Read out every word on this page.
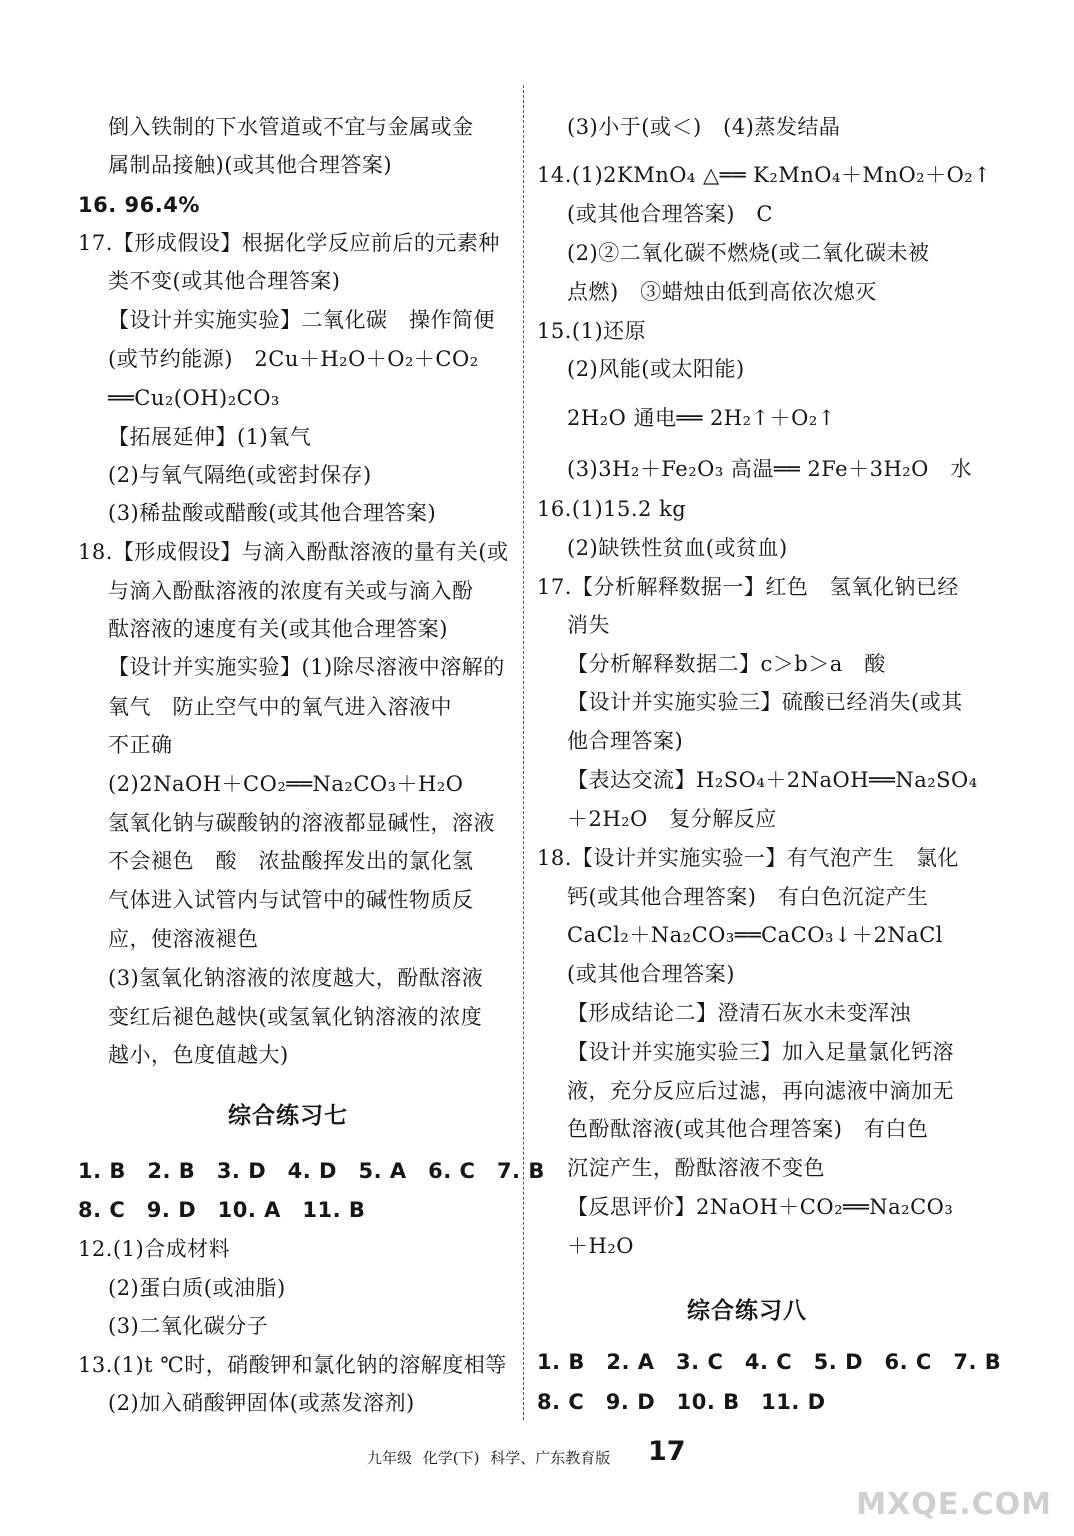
倒入铁制的下水管道或不宜与金属或金
属制品接触)(或其他合理答案)
16. 96.4%
17.【形成假设】根据化学反应前后的元素种
类不变(或其他合理答案)
【设计并实施实验】二氧化碳　操作简便
(或节约能源)　2Cu＋H₂O＋O₂＋CO₂
══Cu₂(OH)₂CO₃
【拓展延伸】(1)氧气
(2)与氧气隔绝(或密封保存)
(3)稀盐酸或醋酸(或其他合理答案)
18.【形成假设】与滴入酚酞溶液的量有关(或
与滴入酚酞溶液的浓度有关或与滴入酚
酞溶液的速度有关(或其他合理答案)
【设计并实施实验】(1)除尽溶液中溶解的
氧气　防止空气中的氧气进入溶液中
不正确
(2)2NaOH＋CO₂══Na₂CO₃＋H₂O
氢氧化钠与碳酸钠的溶液都显碱性，溶液
不会褪色　酸　浓盐酸挥发出的氯化氢
气体进入试管内与试管中的碱性物质反
应，使溶液褪色
(3)氢氧化钠溶液的浓度越大，酚酞溶液
变红后褪色越快(或氢氧化钠溶液的浓度
越小，色度值越大)
综合练习七
1. B　2. B　3. D　4. D　5. A　6. C　7. B
8. C　9. D　10. A　11. B
12.(1)合成材料
(2)蛋白质(或油脂)
(3)二氧化碳分子
13.(1)t ℃时，硝酸钾和氯化钠的溶解度相等
(2)加入硝酸钾固体(或蒸发溶剂)
(3)小于(或＜)　(4)蒸发结晶
14.(1)2KMnO₄ △══ K₂MnO₄＋MnO₂＋O₂↑
(或其他合理答案)　C
(2)②二氧化碳不燃烧(或二氧化碳未被
点燃)　③蜡烛由低到高依次熄灭
15.(1)还原
(2)风能(或太阳能)
2H₂O 通电══ 2H₂↑＋O₂↑
(3)3H₂＋Fe₂O₃ 高温══ 2Fe＋3H₂O　水
16.(1)15.2 kg
(2)缺铁性贫血(或贫血)
17.【分析解释数据一】红色　氢氧化钠已经
消失
【分析解释数据二】c＞b＞a　酸
【设计并实施实验三】硫酸已经消失(或其
他合理答案)
【表达交流】H₂SO₄＋2NaOH══Na₂SO₄
＋2H₂O　复分解反应
18.【设计并实施实验一】有气泡产生　氯化
钙(或其他合理答案)　有白色沉淀产生
CaCl₂＋Na₂CO₃══CaCO₃↓＋2NaCl
(或其他合理答案)
【形成结论二】澄清石灰水未变浑浊
【设计并实施实验三】加入足量氯化钙溶
液，充分反应后过滤，再向滤液中滴加无
色酚酞溶液(或其他合理答案)　有白色
沉淀产生，酚酞溶液不变色
【反思评价】2NaOH＋CO₂══Na₂CO₃
＋H₂O
综合练习八
1. B　2. A　3. C　4. C　5. D　6. C　7. B
8. C　9. D　10. B　11. D
九年级 化学(下) 科学、广东教育版 17
MXQE.COM
